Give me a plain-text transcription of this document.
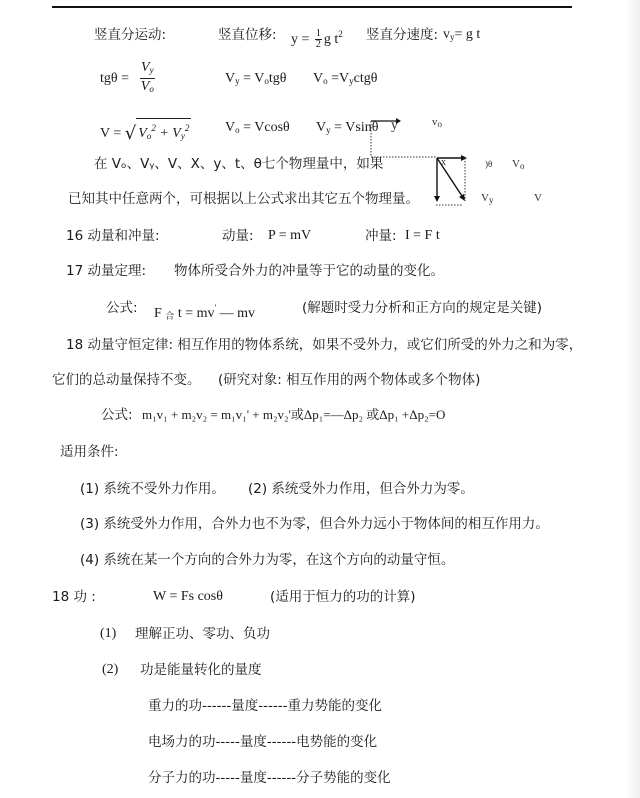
竖直分运动:	竖直位移: $y = \frac{1}{2}$ g $t^2$ 竖直分速度: $v_y= g$ t
$tg\theta = \frac{V_y}{V_o}$	$V_y = V_otg\theta$ $V_o =V_yctg\theta$
V = √ $V_o^2 + V_y^2$	$V_o = Vcos\theta$ $V_y = Vsin\theta$ y	$v_o$
x	)θ $V_o$
$V_y$	V
在 Vₒ、Vᵧ、V、X、y、t、θ七个物理量中，如果
已知其中任意两个，可根据以上公式求出其它五个物理量。
16 动量和冲量:	动量: P = mV	冲量: I = F t
17 动量定理: 物体所受合外力的冲量等于它的动量的变化。
公式: F $_合$ t = mv' — mv	(解题时受力分析和正方向的规定是关键)
18 动量守恒定律: 相互作用的物体系统，如果不受外力，或它们所受的外力之和为零，
它们的总动量保持不变。 (研究对象: 相互作用的两个物体或多个物体)
公式: m₁v₁ + m₂v₂ = m₁v₁' + m₂v₂'或Δp₁=—Δp₂ 或Δp₁ +Δp₂=O
适用条件:
(1) 系统不受外力作用。 (2) 系统受外力作用，但合外力为零。
(3) 系统受外力作用，合外力也不为零，但合外力远小于物体间的相互作用力。
(4) 系统在某一个方向的合外力为零，在这个方向的动量守恒。
18 功 :	W = Fs cosθ	(适用于恒力的功的计算)
(1) 理解正功、零功、负功
(2) 功是能量转化的量度
重力的功------量度------重力势能的变化
电场力的功-----量度------电势能的变化
分子力的功-----量度------分子势能的变化
